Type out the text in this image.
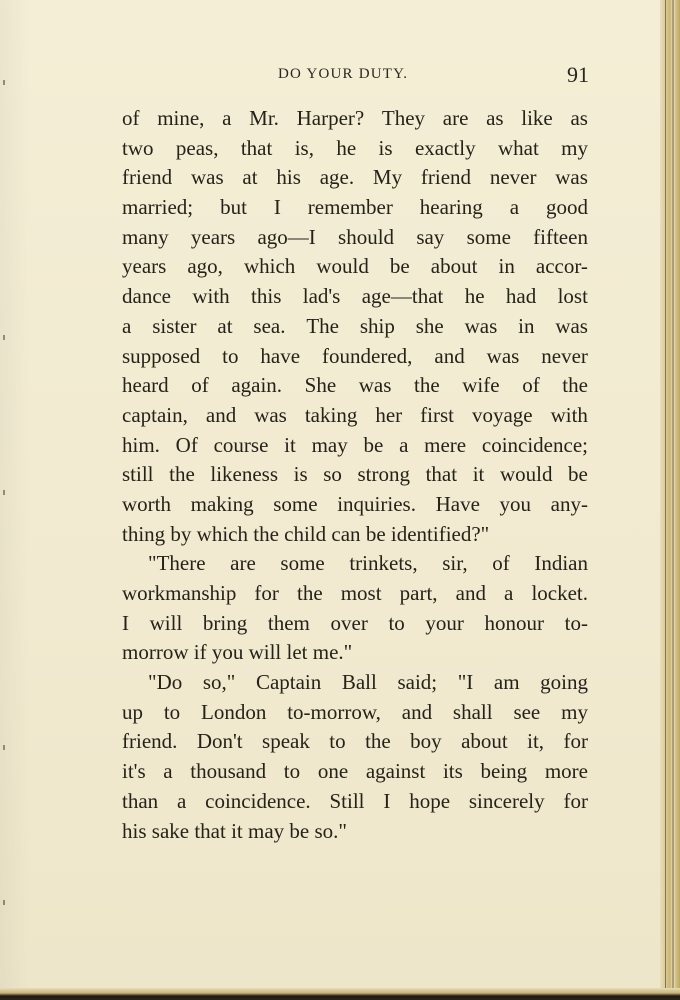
DO YOUR DUTY.	91
of mine, a Mr. Harper? They are as like as
two peas, that is, he is exactly what my
friend was at his age. My friend never was
married; but I remember hearing a good
many years ago—I should say some fifteen
years ago, which would be about in accor-
dance with this lad's age—that he had lost
a sister at sea. The ship she was in was
supposed to have foundered, and was never
heard of again. She was the wife of the
captain, and was taking her first voyage with
him. Of course it may be a mere coincidence;
still the likeness is so strong that it would be
worth making some inquiries. Have you any-
thing
by
which
the
child
can
be
identified?"
"There are some trinkets, sir, of Indian
workmanship for the most part, and a locket.
I will bring them over to your honour to-
morrow
if
you
will
let
me."
"Do so," Captain Ball said; "I am going
up to London to-morrow, and shall see my
friend. Don't speak to the boy about it, for
it's a thousand to one against its being more
than a coincidence. Still I hope sincerely for
his
sake
that
it
may
be
so."
